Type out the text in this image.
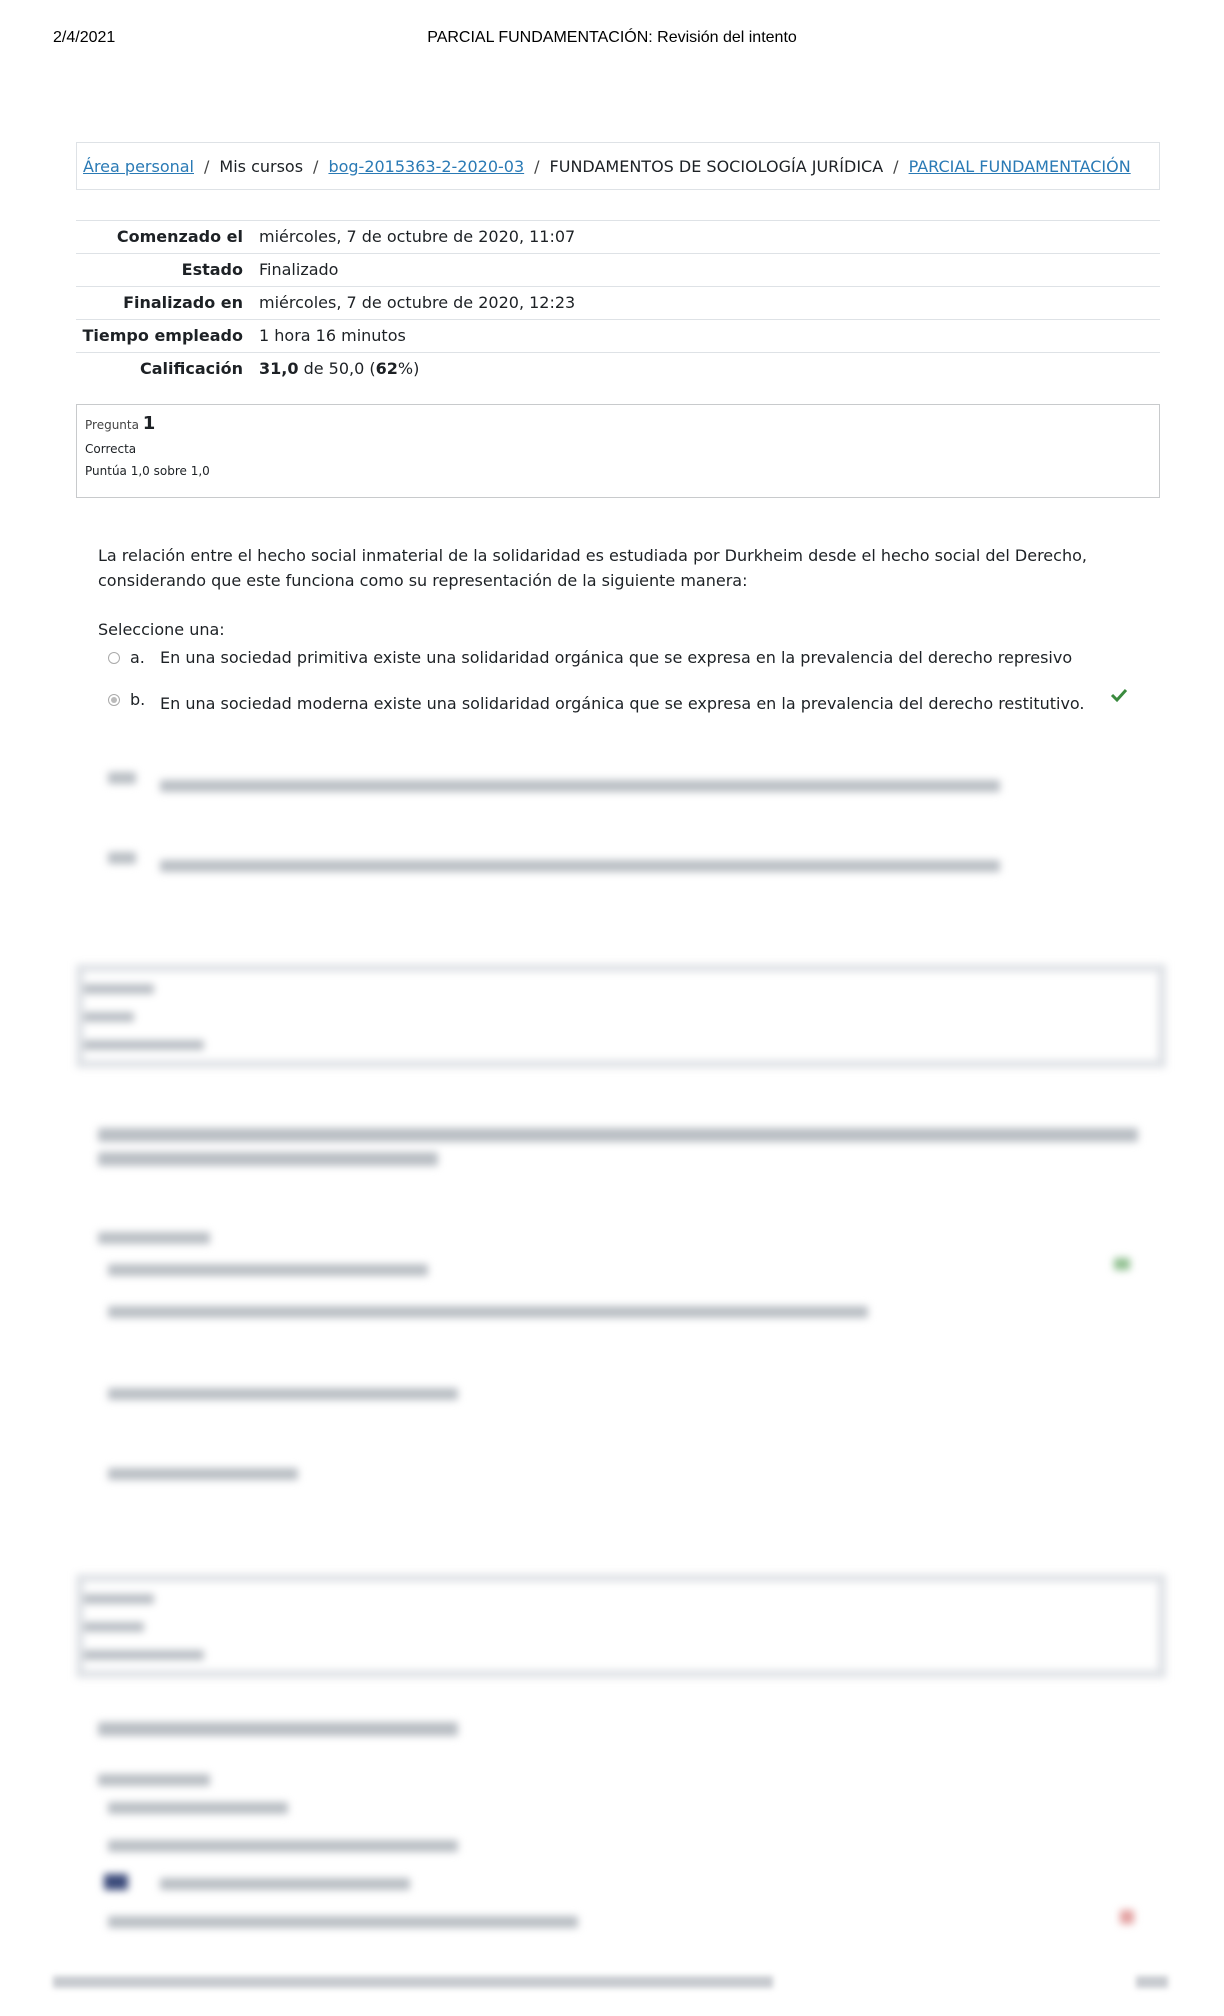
2/4/2021	PARCIAL FUNDAMENTACIÓN: Revisión del intento
Área personal / Mis cursos / bog-2015363-2-2020-03 / FUNDAMENTOS DE SOCIOLOGÍA JURÍDICA / PARCIAL FUNDAMENTACIÓN
Comenzado el	miércoles, 7 de octubre de 2020, 11:07
Estado	Finalizado
Finalizado en	miércoles, 7 de octubre de 2020, 12:23
Tiempo empleado	1 hora 16 minutos
Calificación	31,0 de 50,0 (62%)
Pregunta 1
Correcta
Puntúa 1,0 sobre 1,0
La relación entre el hecho social inmaterial de la solidaridad es estudiada por Durkheim desde el hecho social del Derecho, considerando que este funciona como su representación de la siguiente manera:
Seleccione una:
a. En una sociedad primitiva existe una solidaridad orgánica que se expresa en la prevalencia del derecho represivo
b. En una sociedad moderna existe una solidaridad orgánica que se expresa en la prevalencia del derecho restitutivo.
